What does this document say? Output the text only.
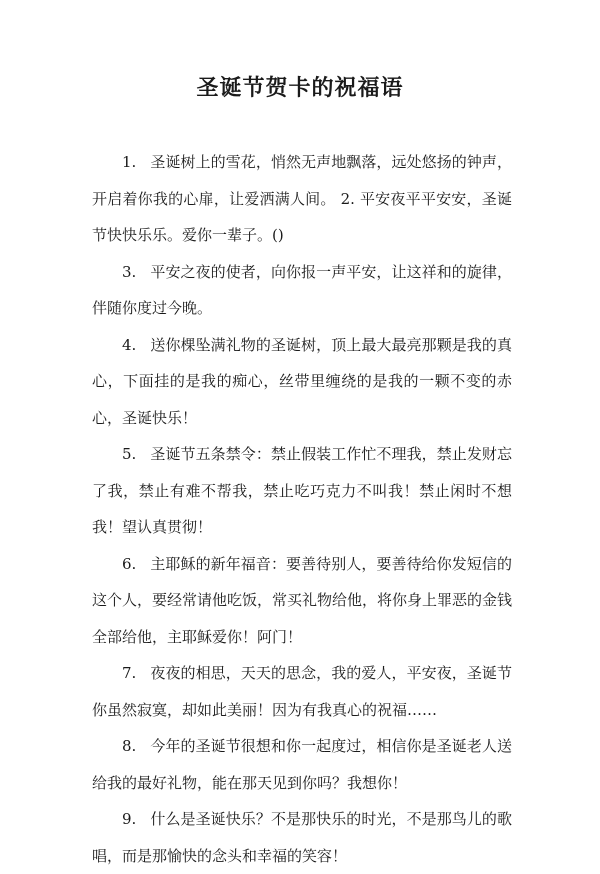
圣诞节贺卡的祝福语

1. 圣诞树上的雪花，悄然无声地飘落，远处悠扬的钟声，开启着你我的心扉，让爱洒满人间。 2. 平安夜平平安安，圣诞节快快乐乐。爱你一辈子。()

3. 平安之夜的使者，向你报一声平安，让这祥和的旋律，伴随你度过今晚。

4. 送你棵坠满礼物的圣诞树，顶上最大最亮那颗是我的真心，下面挂的是我的痴心，丝带里缠绕的是我的一颗不变的赤心，圣诞快乐！

5. 圣诞节五条禁令：禁止假装工作忙不理我，禁止发财忘了我，禁止有难不帮我，禁止吃巧克力不叫我！禁止闲时不想我！望认真贯彻！

6. 主耶稣的新年福音：要善待别人，要善待给你发短信的这个人，要经常请他吃饭，常买礼物给他，将你身上罪恶的金钱全部给他，主耶稣爱你！阿门！

7. 夜夜的相思，天天的思念，我的爱人，平安夜，圣诞节你虽然寂寞，却如此美丽！因为有我真心的祝福……

8. 今年的圣诞节很想和你一起度过，相信你是圣诞老人送给我的最好礼物，能在那天见到你吗？我想你！

9. 什么是圣诞快乐？不是那快乐的时光，不是那鸟儿的歌唱，而是那愉快的念头和幸福的笑容！
